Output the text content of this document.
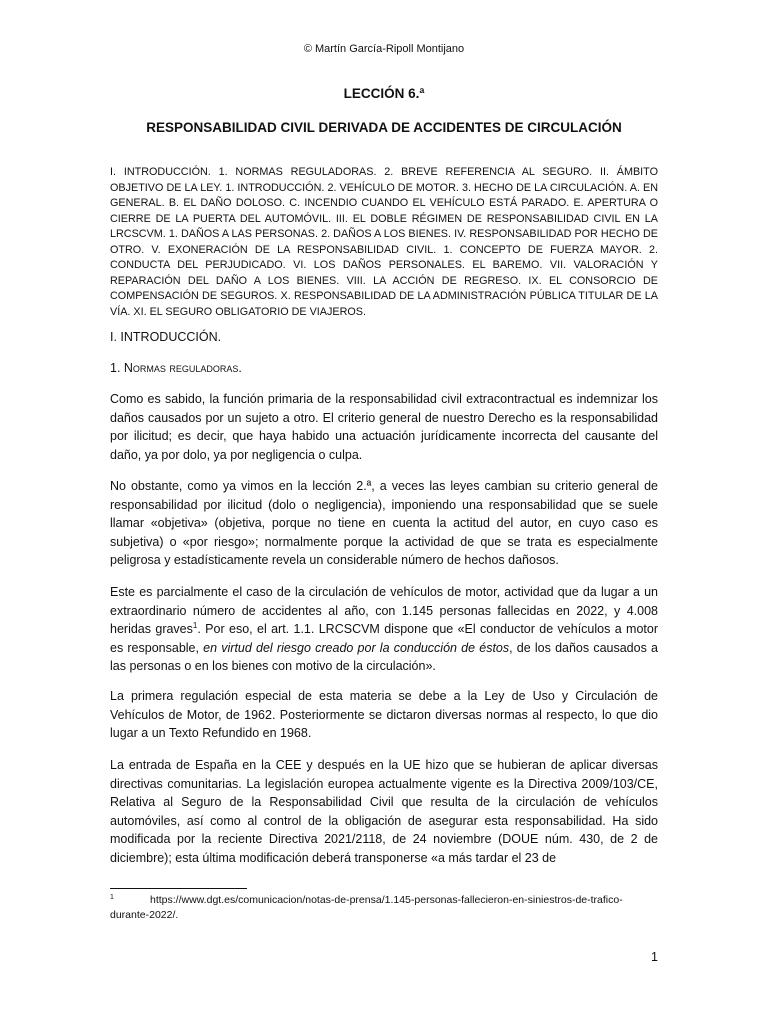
© Martín García-Ripoll Montijano
LECCIÓN 6.ª
RESPONSABILIDAD CIVIL DERIVADA DE ACCIDENTES DE CIRCULACIÓN
I. INTRODUCCIÓN. 1. NORMAS REGULADORAS. 2. BREVE REFERENCIA AL SEGURO. II. ÁMBITO OBJETIVO DE LA LEY. 1. INTRODUCCIÓN. 2. VEHÍCULO DE MOTOR. 3. HECHO DE LA CIRCULACIÓN. A. EN GENERAL. B. EL DAÑO DOLOSO. C. INCENDIO CUANDO EL VEHÍCULO ESTÁ PARADO. E. APERTURA O CIERRE DE LA PUERTA DEL AUTOMÓVIL. III. EL DOBLE RÉGIMEN DE RESPONSABILIDAD CIVIL EN LA LRCSCVM. 1. DAÑOS A LAS PERSONAS. 2. DAÑOS A LOS BIENES. IV. RESPONSABILIDAD POR HECHO DE OTRO. V. EXONERACIÓN DE LA RESPONSABILIDAD CIVIL. 1. CONCEPTO DE FUERZA MAYOR. 2. CONDUCTA DEL PERJUDICADO. VI. LOS DAÑOS PERSONALES. EL BAREMO. VII. VALORACIÓN Y REPARACIÓN DEL DAÑO A LOS BIENES. VIII. LA ACCIÓN DE REGRESO. IX. EL CONSORCIO DE COMPENSACIÓN DE SEGUROS. X. RESPONSABILIDAD DE LA ADMINISTRACIÓN PÚBLICA TITULAR DE LA VÍA. XI. EL SEGURO OBLIGATORIO DE VIAJEROS.
I. INTRODUCCIÓN.
1. Normas reguladoras.

Como es sabido, la función primaria de la responsabilidad civil extracontractual es indemnizar los daños causados por un sujeto a otro. El criterio general de nuestro Derecho es la responsabilidad por ilicitud; es decir, que haya habido una actuación jurídicamente incorrecta del causante del daño, ya por dolo, ya por negligencia o culpa.

No obstante, como ya vimos en la lección 2.ª, a veces las leyes cambian su criterio general de responsabilidad por ilicitud (dolo o negligencia), imponiendo una responsabilidad que se suele llamar «objetiva» (objetiva, porque no tiene en cuenta la actitud del autor, en cuyo caso es subjetiva) o «por riesgo»; normalmente porque la actividad de que se trata es especialmente peligrosa y estadísticamente revela un considerable número de hechos dañosos.

Este es parcialmente el caso de la circulación de vehículos de motor, actividad que da lugar a un extraordinario número de accidentes al año, con 1.145 personas fallecidas en 2022, y 4.008 heridas graves$^1$. Por eso, el art. 1.1. LRCSCVM dispone que «El conductor de vehículos a motor es responsable, en virtud del riesgo creado por la conducción de éstos, de los daños causados a las personas o en los bienes con motivo de la circulación».

La primera regulación especial de esta materia se debe a la Ley de Uso y Circulación de Vehículos de Motor, de 1962. Posteriormente se dictaron diversas normas al respecto, lo que dio lugar a un Texto Refundido en 1968.

La entrada de España en la CEE y después en la UE hizo que se hubieran de aplicar diversas directivas comunitarias. La legislación europea actualmente vigente es la Directiva 2009/103/CE, Relativa al Seguro de la Responsabilidad Civil que resulta de la circulación de vehículos automóviles, así como al control de la obligación de asegurar esta responsabilidad. Ha sido modificada por la reciente Directiva 2021/2118, de 24 noviembre (DOUE núm. 430, de 2 de diciembre); esta última modificación deberá transponerse «a más tardar el 23 de

1	https://www.dgt.es/comunicacion/notas-de-prensa/1.145-personas-fallecieron-en-siniestros-de-trafico-durante-2022/.
1
